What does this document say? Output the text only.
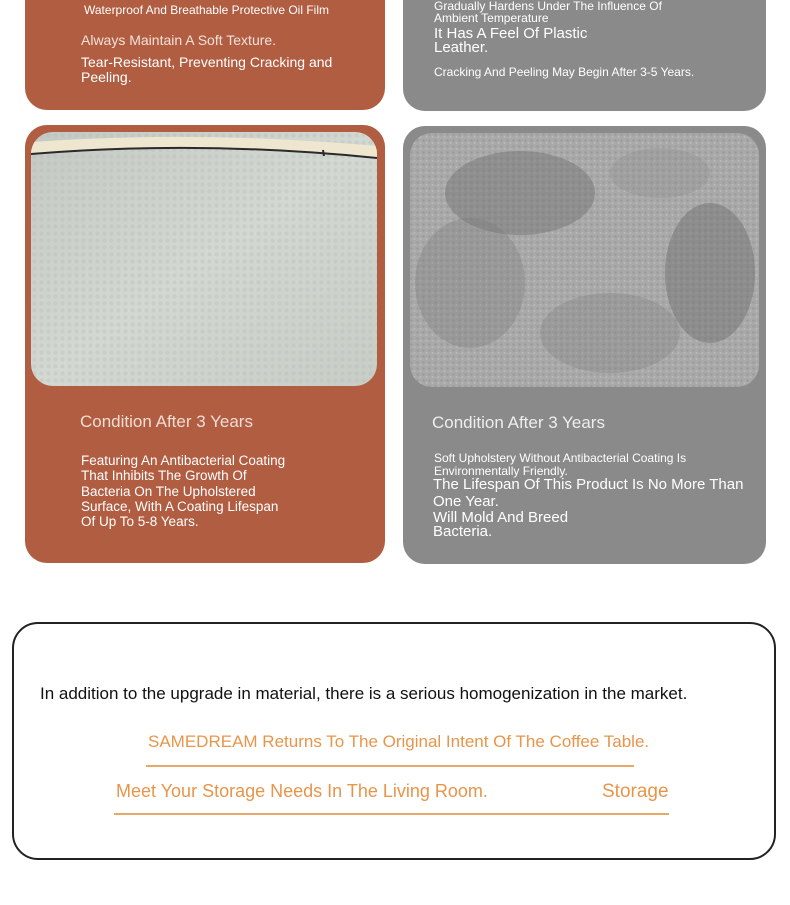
Waterproof And Breathable Protective Oil Film
Always Maintain A Soft Texture.
Tear-Resistant, Preventing Cracking and Peeling.
Gradually Hardens Under The Influence Of Ambient Temperature
It Has A Feel Of Plastic Leather.
Cracking And Peeling May Begin After 3-5 Years.
Condition After 3 Years
Featuring An Antibacterial Coating That Inhibits The Growth Of Bacteria On The Upholstered Surface, With A Coating Lifespan Of Up To 5-8 Years.
Condition After 3 Years
Soft Upholstery Without Antibacterial Coating Is Environmentally Friendly.
The Lifespan Of This Product Is No More Than One Year.
Will Mold And Breed Bacteria.
In addition to the upgrade in material, there is a serious homogenization in the market.
SAMEDREAM Returns To The Original Intent Of The Coffee Table.
Meet Your Storage Needs In The Living Room.	Storage
